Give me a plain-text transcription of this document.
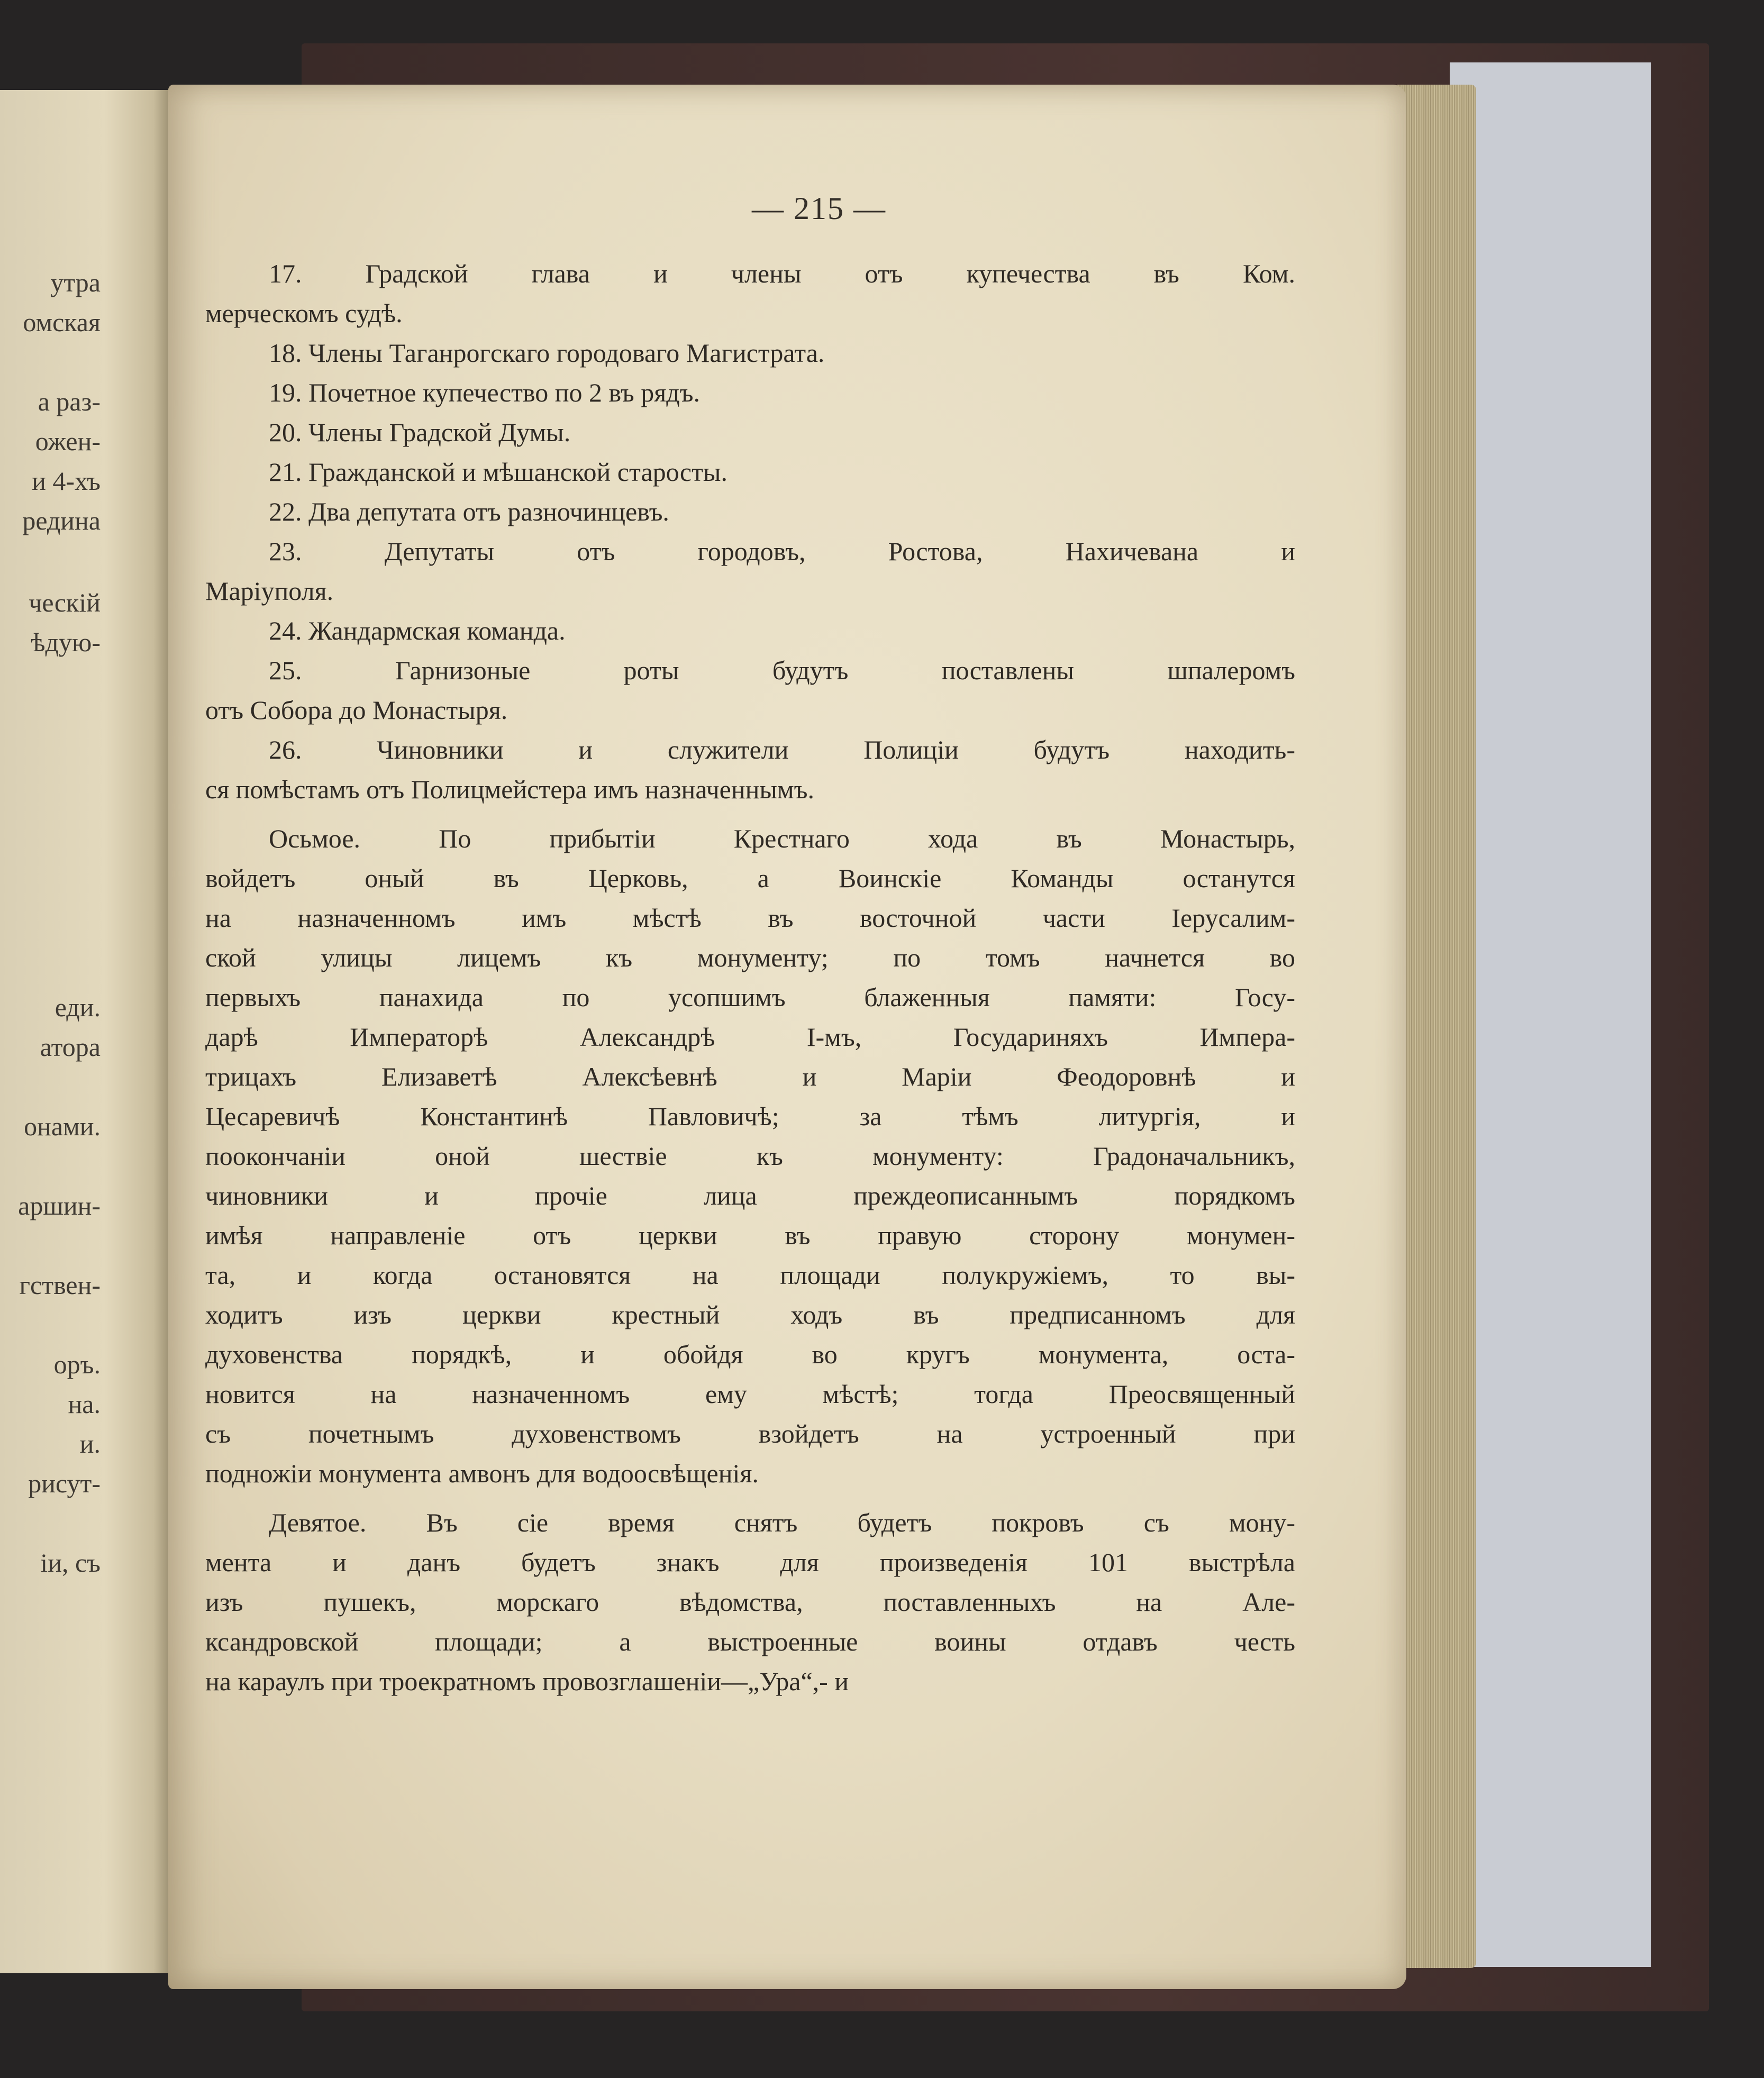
утра
омская
а раз-
ожен-
и 4-хъ
редина
ческій
ѣдую-
еди.
атора
онами.
аршин-
гствен-
оръ.
на.
и.
рисут-
іи, съ
— 215 —
17. Градской глава и члены отъ купечества въ Ком.
мерческомъ судѣ.
18. Члены Таганрогскаго городоваго Магистрата.
19. Почетное купечество по 2 въ рядъ.
20. Члены Градской Думы.
21. Гражданской и мѣшанской старосты.
22. Два депутата отъ разночинцевъ.
23. Депутаты отъ городовъ, Ростова, Нахичевана и
Маріуполя.
24. Жандармская команда.
25. Гарнизоные роты будутъ поставлены шпалеромъ
отъ Собора до Монастыря.
26. Чиновники и служители Полиціи будутъ находить-
ся помѣстамъ отъ Полицмейстера имъ назначеннымъ.
Осьмое. По прибытіи Крестнаго хода въ Монастырь,
войдетъ оный въ Церковь, а Воинскіе Команды останутся
на назначенномъ имъ мѣстѣ въ восточной части Іерусалим-
ской улицы лицемъ къ монументу; по томъ начнется во
первыхъ панахида по усопшимъ блаженныя памяти: Госу-
дарѣ Императорѣ Александрѣ І-мъ, Государиняхъ Импера-
трицахъ Елизаветѣ Алексѣевнѣ и Маріи Феодоровнѣ и
Цесаревичѣ Константинѣ Павловичѣ; за тѣмъ литургія, и
поокончаніи оной шествіе къ монументу: Градоначальникъ,
чиновники и прочіе лица преждеописаннымъ порядкомъ
имѣя направленіе отъ церкви въ правую сторону монумен-
та, и когда остановятся на площади полукружіемъ, то вы-
ходитъ изъ церкви крестный ходъ въ предписанномъ для
духовенства порядкѣ, и обойдя во кругъ монумента, оста-
новится на назначенномъ ему мѣстѣ; тогда Преосвященный
съ почетнымъ духовенствомъ взойдетъ на устроенный при
подножіи монумента амвонъ для водоосвѣщенія.
Девятое. Въ сіе время снятъ будетъ покровъ съ мону-
мента и данъ будетъ знакъ для произведенія 101 выстрѣла
изъ пушекъ, морскаго вѣдомства, поставленныхъ на Але-
ксандровской площади; а выстроенные воины отдавъ честь
на караулъ при троекратномъ провозглашеніи—„Ура“,- и
